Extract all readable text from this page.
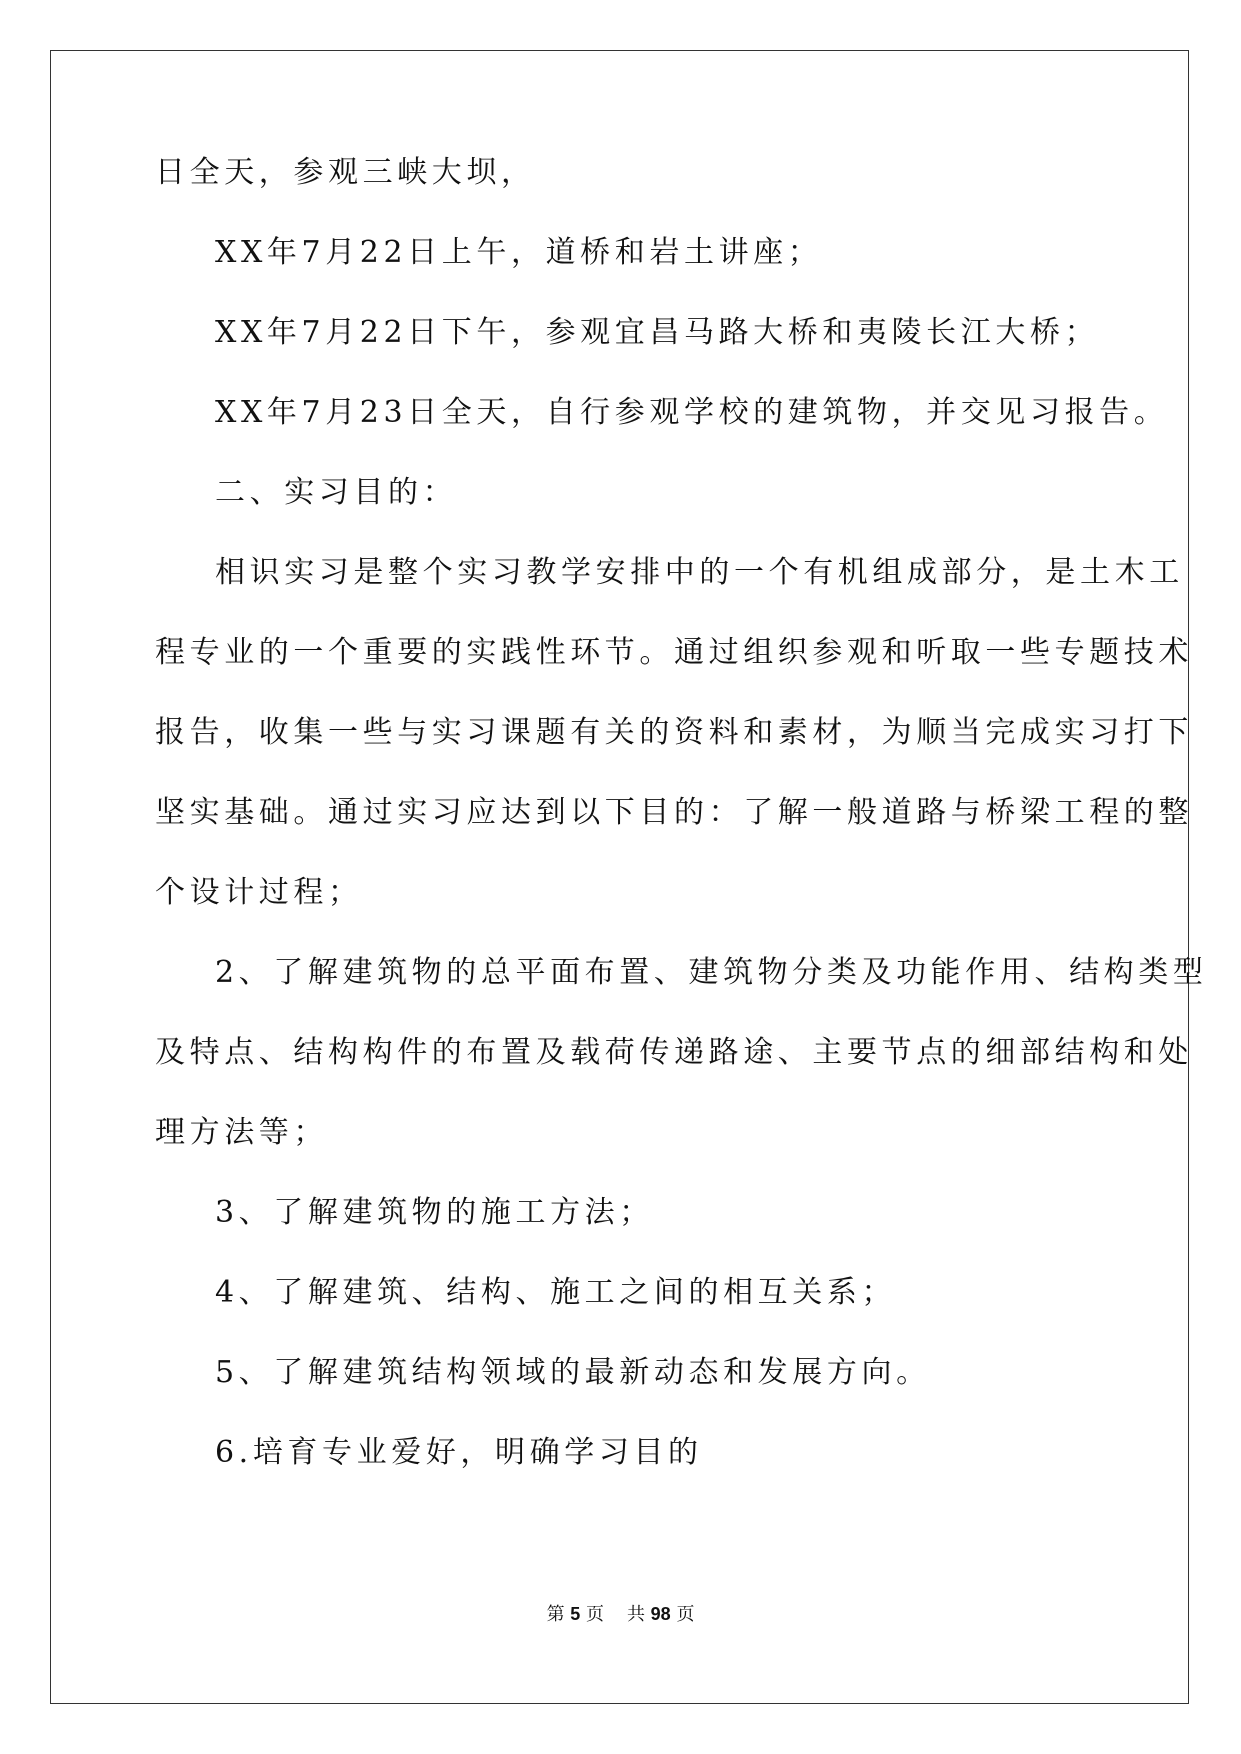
日全天，参观三峡大坝，
XX年7月22日上午，道桥和岩土讲座；
XX年7月22日下午，参观宜昌马路大桥和夷陵长江大桥；
XX年7月23日全天，自行参观学校的建筑物，并交见习报告。
二、实习目的：
相识实习是整个实习教学安排中的一个有机组成部分，是土木工
程专业的一个重要的实践性环节。通过组织参观和听取一些专题技术
报告，收集一些与实习课题有关的资料和素材，为顺当完成实习打下
坚实基础。通过实习应达到以下目的：了解一般道路与桥梁工程的整
个设计过程；
2、了解建筑物的总平面布置、建筑物分类及功能作用、结构类型
及特点、结构构件的布置及载荷传递路途、主要节点的细部结构和处
理方法等；
3、了解建筑物的施工方法；
4、了解建筑、结构、施工之间的相互关系；
5、了解建筑结构领域的最新动态和发展方向。
6.培育专业爱好，明确学习目的
第 5 页 共 98 页
